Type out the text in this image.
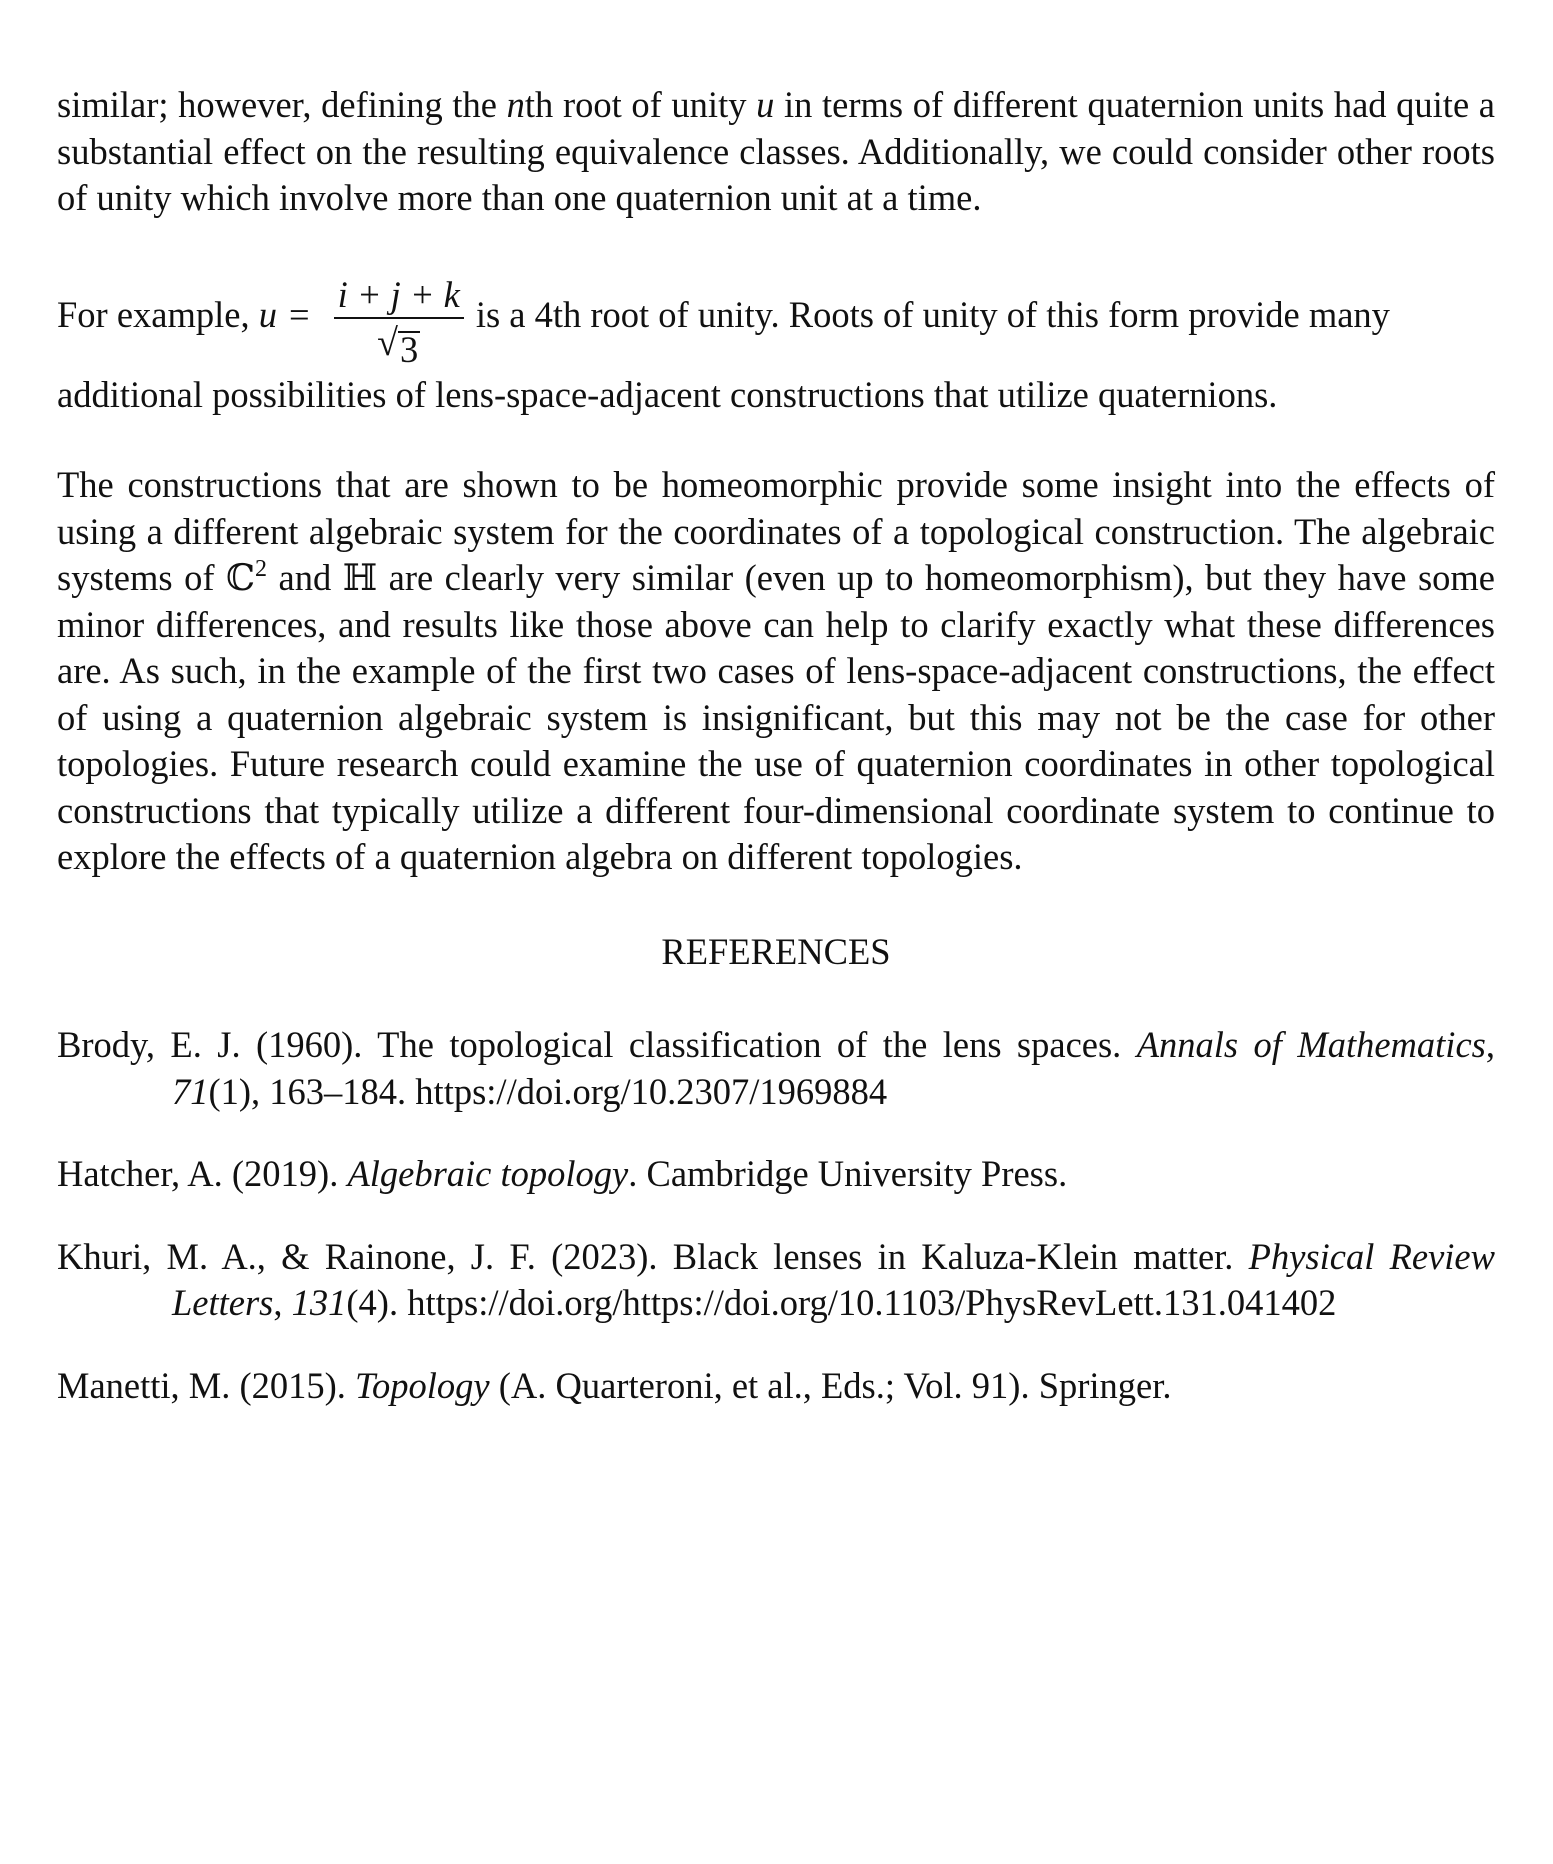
similar; however, defining the nth root of unity u in terms of different quaternion units had quite a substantial effect on the resulting equivalence classes. Additionally, we could consider other roots of unity which involve more than one quaternion unit at a time.

For example,
$u = \frac{i + j + k}{√ 3}$ is a 4th root of unity. Roots of unity of this form provide many

additional possibilities of lens-space-adjacent constructions that utilize quaternions.

The constructions that are shown to be homeomorphic provide some insight into the effects of using a different algebraic system for the coordinates of a topological construction. The algebraic systems of ℂ$^2$ and ℍ are clearly very similar (even up to homeomorphism), but they have some minor differences, and results like those above can help to clarify exactly what these differences are. As such, in the example of the first two cases of lens-space-adjacent constructions, the effect of using a quaternion algebraic system is insignificant, but this may not be the case for other topologies. Future research could examine the use of quaternion coordinates in other topological constructions that typically utilize a different four-dimensional coordinate system to continue to explore the effects of a quaternion algebra on different topologies.

REFERENCES

Brody, E. J. (1960). The topological classification of the lens spaces. Annals of Mathematics, 71(1), 163–184. https://doi.org/10.2307/1969884

Hatcher, A. (2019). Algebraic topology. Cambridge University Press.

Khuri, M. A., & Rainone, J. F. (2023). Black lenses in Kaluza-Klein matter. Physical Review Letters, 131(4). https://doi.org/https://doi.org/10.1103/PhysRevLett.131.041402

Manetti, M. (2015). Topology (A. Quarteroni, et al., Eds.; Vol. 91). Springer.
